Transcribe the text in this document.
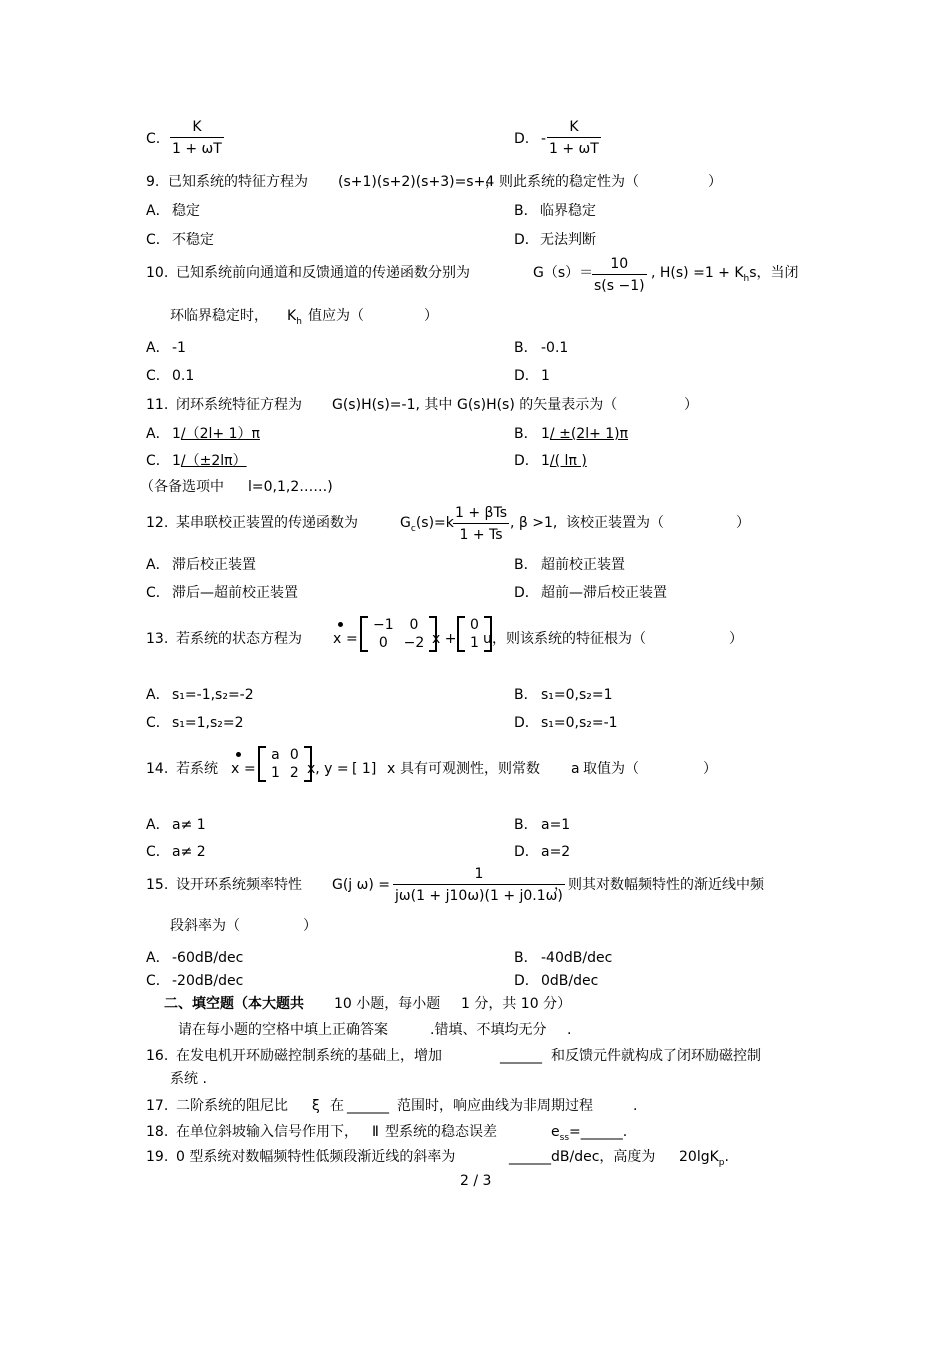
C. $\frac{K}{1 + \omega T}$	D. - $\frac{K}{1 + \omega T}$
9. 已知系统的特征方程为 (s+1)(s+2)(s+3)=s+4
，则此系统的稳定性为（	）
A． 稳定	B． 临界稳定
C． 不稳定	D． 无法判断
10. 已知系统前向通道和反馈通道的传递函数分别为	G（s）＝
$\frac{10}{s(s -1)}$ , $H(s) =1 + K_hs$，当闭
环临界稳定时， $K_h$ 值应为（	）
A． -1	B． -0.1
C． 0.1	D． 1
11. 闭环系统特征方程为 G(s)H(s)=-1, 其中 G(s)H(s) 的矢量表示为（	）
A． 1/（2l+ 1）π	B． 1/ ±(2l+ 1)π
C． 1/（±2lπ）	D． 1/( lπ )
（各备选项中 l=0,1,2……)
12. 某串联校正装置的传递函数为	$G_c(s)=k$
1 + βTs
1 + Ts
, β >1, 该校正装置为（	）
A． 滞后校正装置	B． 超前校正装置
C． 滞后—超前校正装置	D． 超前—滞后校正装置
13. 若系统的状态方程为 x =
−1	0
0	−2 x +
0
1 u ，则该系统的特征根为（	）
A． s₁=-1,s₂=-2	B． s₁=0,s₂=1
C． s₁=1,s₂=2	D． s₁=0,s₂=-1
14. 若系统 x =
a	0
1	2 x, y = [ 1] x 具有可观测性，则常数 a 取值为（	）
A． a≠ 1	B． a=1
C． a≠ 2	D． a=2
15. 设开环系统频率特性 G(j $\omega) = \frac{1}{j\omega(1 + j10\omega)(1 + j0.1\omega)}$
，则其对数幅频特性的渐近线中频
段斜率为（	）
A． -60dB/dec	B． -40dB/dec
C． -20dB/dec	D． 0dB/dec
二、填空题（本大题共 10 小题，每小题 1 分，共 10 分）
请在每小题的空格中填上正确答案	.错填、不填均无分 .
16. 在发电机开环励磁控制系统的基础上，增加	______ 和反馈元件就构成了闭环励磁控制
系统 .
17. 二阶系统的阻尼比 ξ 在 ______ 范围时，响应曲线为非周期过程	.
18. 在单位斜坡输入信号作用下， Ⅱ 型系统的稳态误差	$e_{ss}=\_\_\_\_\_\_$.
19. 0 型系统对数幅频特性低频段渐近线的斜率为	______dB/dec，高度为 20lgK$_p$.
2 / 3
